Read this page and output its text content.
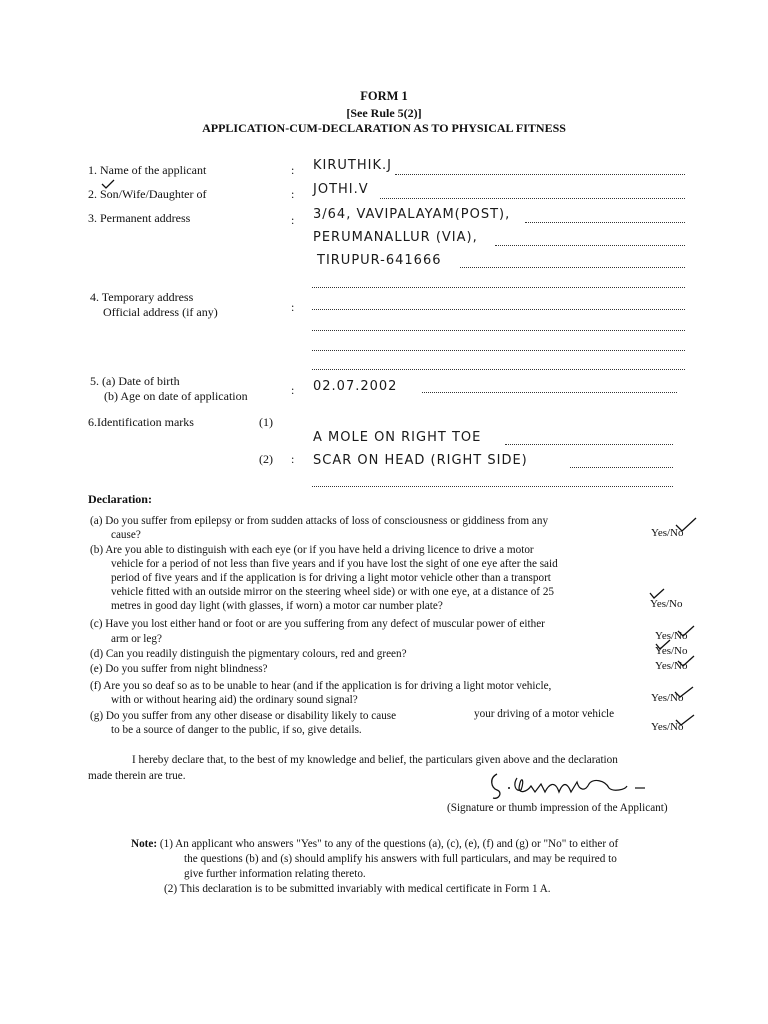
FORM 1
[See Rule 5(2)]
APPLICATION-CUM-DECLARATION AS TO PHYSICAL FITNESS
1. Name of the applicant	: KIRUTHIK.J
2. Son/Wife/Daughter of	: JOTHI.V
3. Permanent address	: 3/64, VAVIPALAYAM(POST),
PERUMANALLUR (VIA),
TIRUPUR-641666
4. Temporary address
Official address (if any)	:
5. (a) Date of birth
(b) Age on date of application	: 02.07.2002
6.Identification marks	(1)
A MOLE ON RIGHT TOE
(2) : SCAR ON HEAD (RIGHT SIDE)
Declaration:
(a) Do you suffer from epilepsy or from sudden attacks of loss of consciousness or giddiness from any
cause?	Yes/No
(b) Are you able to distinguish with each eye (or if you have held a driving licence to drive a motor
vehicle for a period of not less than five years and if you have lost the sight of one eye after the said
period of five years and if the application is for driving a light motor vehicle other than a transport
vehicle fitted with an outside mirror on the steering wheel side) or with one eye, at a distance of 25
metres in good day light (with glasses, if worn) a motor car number plate?	Yes/No
(c) Have you lost either hand or foot or are you suffering from any defect of muscular power of either
arm or leg?	Yes/No
(d) Can you readily distinguish the pigmentary colours, red and green?	Yes/No
(e) Do you suffer from night blindness?	Yes/No
(f) Are you so deaf so as to be unable to hear (and if the application is for driving a light motor vehicle,
with or without hearing aid) the ordinary sound signal?	Yes/No
(g) Do you suffer from any other disease or disability likely to cause	your driving of a motor vehicle
to be a source of danger to the public, if so, give details.	Yes/No
I hereby declare that, to the best of my knowledge and belief, the particulars given above and the declaration
made therein are true.
(Signature or thumb impression of the Applicant)
Note: (1) An applicant who answers "Yes" to any of the questions (a), (c), (e), (f) and (g) or "No" to either of
the questions (b) and (s) should amplify his answers with full particulars, and may be required to
give further information relating thereto.
(2) This declaration is to be submitted invariably with medical certificate in Form 1 A.
